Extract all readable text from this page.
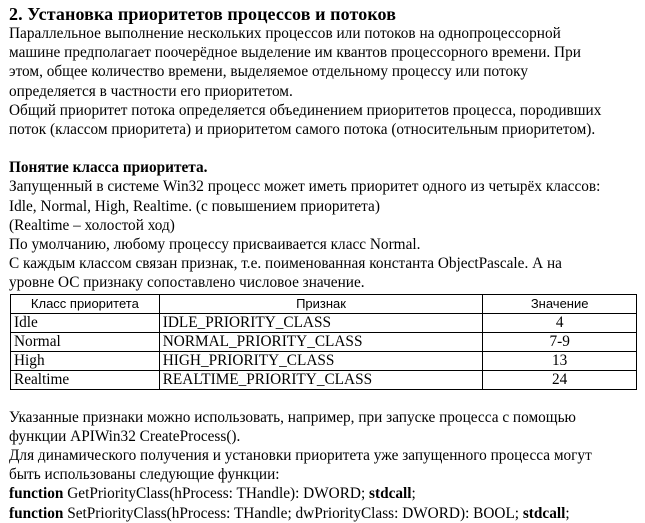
2. Установка приоритетов процессов и потоков

Параллельное выполнение нескольких процессов или потоков на однопроцессорной

машине предполагает поочерёдное выделение им квантов процессорного времени. При

этом, общее количество времени, выделяемое отдельному процессу или потоку

определяется в частности его приоритетом.

Общий приоритет потока определяется объединением приоритетов процесса, породивших

поток (классом приоритета) и приоритетом самого потока (относительным приоритетом).

Понятие класса приоритета.

Запущенный в системе Win32 процесс может иметь приоритет одного из четырёх классов:

Idle, Normal, High, Realtime. (с повышением приоритета)

(Realtime – холостой ход)

По умолчанию, любому процессу присваивается класс Normal.

С каждым классом связан признак, т.е. поименованная константа ObjectPascale. А на

уровне ОС признаку сопоставлено числовое значение.

Класс приоритета	Признак	Значение
Idle	IDLE_PRIORITY_CLASS	4
Normal	NORMAL_PRIORITY_CLASS	7-9
High	HIGH_PRIORITY_CLASS	13
Realtime	REALTIME_PRIORITY_CLASS	24

Указанные признаки можно использовать, например, при запуске процесса с помощью

функции APIWin32 CreateProcess().

Для динамического получения и установки приоритета уже запущенного процесса могут

быть использованы следующие функции:

function GetPriorityClass(hProcess: THandle): DWORD; stdcall;

function SetPriorityClass(hProcess: THandle; dwPriorityClass: DWORD): BOOL; stdcall;
